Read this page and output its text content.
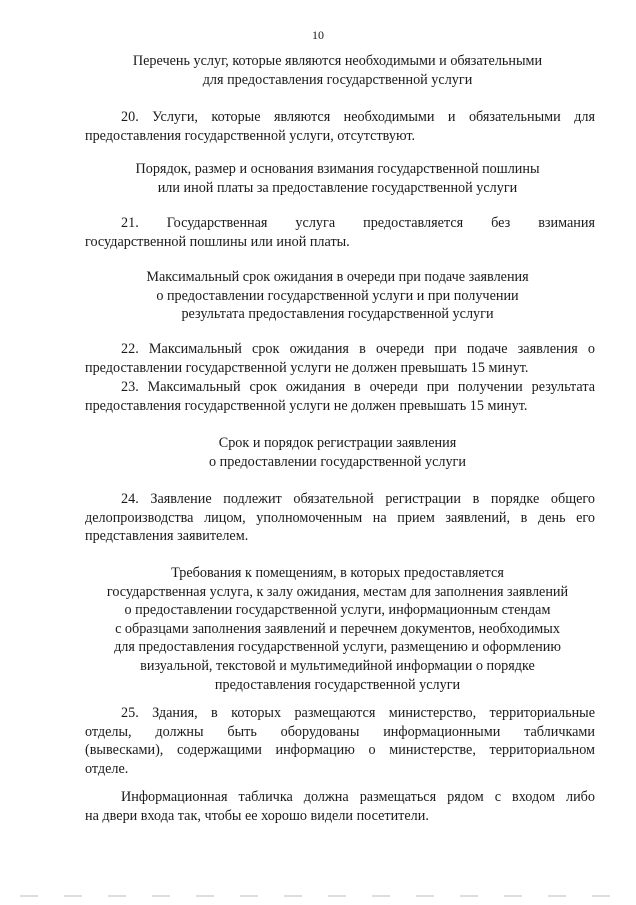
10
Перечень услуг, которые являются необходимыми и обязательными
для предоставления государственной услуги
20. Услуги, которые являются необходимыми и обязательными для
предоставления государственной услуги, отсутствуют.
Порядок, размер и основания взимания государственной пошлины
или иной платы за предоставление государственной услуги
21. Государственная услуга предоставляется без взимания
государственной пошлины или иной платы.
Максимальный срок ожидания в очереди при подаче заявления
о предоставлении государственной услуги и при получении
результата предоставления государственной услуги
22. Максимальный срок ожидания в очереди при подаче заявления о
предоставлении государственной услуги не должен превышать 15 минут.
23. Максимальный срок ожидания в очереди при получении результата
предоставления государственной услуги не должен превышать 15 минут.
Срок и порядок регистрации заявления
о предоставлении государственной услуги
24. Заявление подлежит обязательной регистрации в порядке общего
делопроизводства лицом, уполномоченным на прием заявлений, в день его
представления заявителем.
Требования к помещениям, в которых предоставляется
государственная услуга, к залу ожидания, местам для заполнения заявлений
о предоставлении государственной услуги, информационным стендам
с образцами заполнения заявлений и перечнем документов, необходимых
для предоставления государственной услуги, размещению и оформлению
визуальной, текстовой и мультимедийной информации о порядке
предоставления государственной услуги
25. Здания, в которых размещаются министерство, территориальные
отделы, должны быть оборудованы информационными табличками
(вывесками), содержащими информацию о министерстве, территориальном
отделе.
Информационная табличка должна размещаться рядом с входом либо
на двери входа так, чтобы ее хорошо видели посетители.
